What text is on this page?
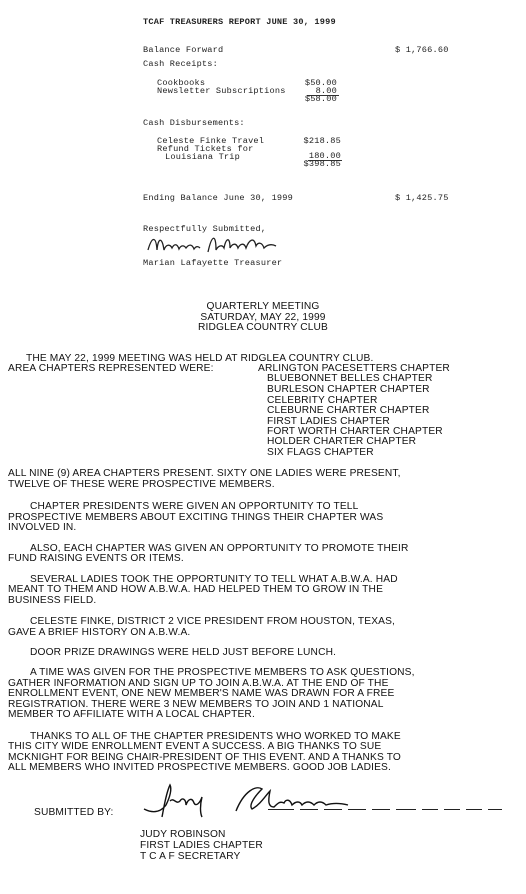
TCAF TREASURERS REPORT JUNE 30, 1999
Balance Forward	$ 1,766.60
Cash Receipts:
Cookbooks	$50.00
Newsletter Subscriptions	8.00
$58.00
Cash Disbursements:
Celeste Finke Travel	$218.85
Refund Tickets for
Louisiana Trip	180.00
$398.85
Ending Balance June 30, 1999	$ 1,425.75
Respectfully Submitted,
Marian Lafayette Treasurer
QUARTERLY MEETING
SATURDAY, MAY 22, 1999
RIDGLEA COUNTRY CLUB
THE MAY 22, 1999 MEETING WAS HELD AT RIDGLEA COUNTRY CLUB.
AREA CHAPTERS REPRESENTED WERE:	ARLINGTON PACESETTERS CHAPTER
BLUEBONNET BELLES CHAPTER
BURLESON CHAPTER CHAPTER
CELEBRITY CHAPTER
CLEBURNE CHARTER CHAPTER
FIRST LADIES CHAPTER
FORT WORTH CHARTER CHAPTER
HOLDER CHARTER CHAPTER
SIX FLAGS CHAPTER
ALL NINE (9) AREA CHAPTERS PRESENT. SIXTY ONE LADIES WERE PRESENT,
TWELVE OF THESE WERE PROSPECTIVE MEMBERS.
CHAPTER PRESIDENTS WERE GIVEN AN OPPORTUNITY TO TELL
PROSPECTIVE MEMBERS ABOUT EXCITING THINGS THEIR CHAPTER WAS
INVOLVED IN.
ALSO, EACH CHAPTER WAS GIVEN AN OPPORTUNITY TO PROMOTE THEIR
FUND RAISING EVENTS OR ITEMS.
SEVERAL LADIES TOOK THE OPPORTUNITY TO TELL WHAT A.B.W.A. HAD
MEANT TO THEM AND HOW A.B.W.A. HAD HELPED THEM TO GROW IN THE
BUSINESS FIELD.
CELESTE FINKE, DISTRICT 2 VICE PRESIDENT FROM HOUSTON, TEXAS,
GAVE A BRIEF HISTORY ON A.B.W.A.
DOOR PRIZE DRAWINGS WERE HELD JUST BEFORE LUNCH.
A TIME WAS GIVEN FOR THE PROSPECTIVE MEMBERS TO ASK QUESTIONS,
GATHER INFORMATION AND SIGN UP TO JOIN A.B.W.A. AT THE END OF THE
ENROLLMENT EVENT, ONE NEW MEMBER'S NAME WAS DRAWN FOR A FREE
REGISTRATION. THERE WERE 3 NEW MEMBERS TO JOIN AND 1 NATIONAL
MEMBER TO AFFILIATE WITH A LOCAL CHAPTER.
THANKS TO ALL OF THE CHAPTER PRESIDENTS WHO WORKED TO MAKE
THIS CITY WIDE ENROLLMENT EVENT A SUCCESS. A BIG THANKS TO SUE
MCKNIGHT FOR BEING CHAIR-PRESIDENT OF THIS EVENT. AND A THANKS TO
ALL MEMBERS WHO INVITED PROSPECTIVE MEMBERS. GOOD JOB LADIES.
SUBMITTED BY:
JUDY ROBINSON
FIRST LADIES CHAPTER
T C A F SECRETARY
